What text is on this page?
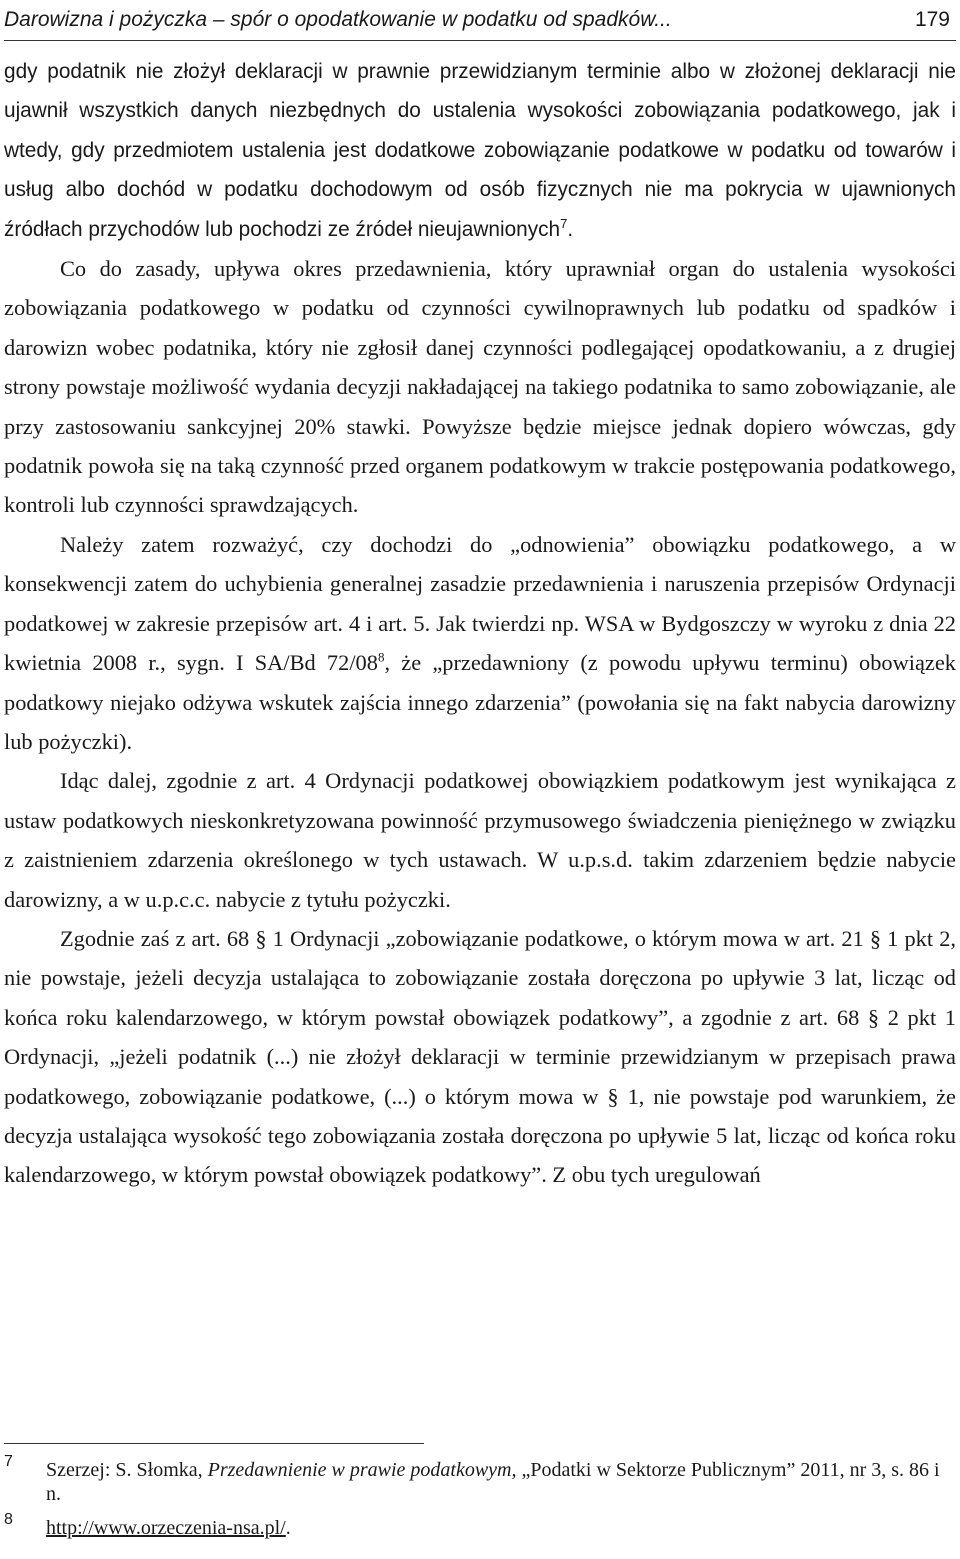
Darowizna i pożyczka – spór o opodatkowanie w podatku od spadków...	179

gdy podatnik nie złożył deklaracji w prawnie przewidzianym terminie albo w złożonej deklaracji nie ujawnił wszystkich danych niezbędnych do ustalenia wysokości zobowiązania podatkowego, jak i wtedy, gdy przedmiotem ustalenia jest dodatkowe zobowiązanie podatkowe w podatku od towarów i usług albo dochód w podatku dochodowym od osób fizycznych nie ma pokrycia w ujawnionych źródłach przychodów lub pochodzi ze źródeł nieujawnionych$^7$.

Co do zasady, upływa okres przedawnienia, który uprawniał organ do ustalenia wysokości zobowiązania podatkowego w podatku od czynności cywilnoprawnych lub podatku od spadków i darowizn wobec podatnika, który nie zgłosił danej czynności podlegającej opodatkowaniu, a z drugiej strony powstaje możliwość wydania decyzji nakładającej na takiego podatnika to samo zobowiązanie, ale przy zastosowaniu sankcyjnej 20% stawki. Powyższe będzie miejsce jednak dopiero wówczas, gdy podatnik powoła się na taką czynność przed organem podatkowym w trakcie postępowania podatkowego, kontroli lub czynności sprawdzających.

Należy zatem rozważyć, czy dochodzi do „odnowienia” obowiązku podatkowego, a w konsekwencji zatem do uchybienia generalnej zasadzie przedawnienia i naruszenia przepisów Ordynacji podatkowej w zakresie przepisów art. 4 i art. 5. Jak twierdzi np. WSA w Bydgoszczy w wyroku z dnia 22 kwietnia 2008 r., sygn. I SA/Bd $72/08^8$, że „przedawniony (z powodu upływu terminu) obowiązek podatkowy niejako odżywa wskutek zajścia innego zdarzenia” (powołania się na fakt nabycia darowizny lub pożyczki).

Idąc dalej, zgodnie z art. 4 Ordynacji podatkowej obowiązkiem podatkowym jest wynikająca z ustaw podatkowych nieskonkretyzowana powinność przymusowego świadczenia pieniężnego w związku z zaistnieniem zdarzenia określonego w tych ustawach. W u.p.s.d. takim zdarzeniem będzie nabycie darowizny, a w u.p.c.c. nabycie z tytułu pożyczki.

Zgodnie zaś z art. 68 § 1 Ordynacji „zobowiązanie podatkowe, o którym mowa w art. 21 § 1 pkt 2, nie powstaje, jeżeli decyzja ustalająca to zobowiązanie została doręczona po upływie 3 lat, licząc od końca roku kalendarzowego, w którym powstał obowiązek podatkowy”, a zgodnie z art. 68 § 2 pkt 1 Ordynacji, „jeżeli podatnik (...) nie złożył deklaracji w terminie przewidzianym w przepisach prawa podatkowego, zobowiązanie podatkowe, (...) o którym mowa w § 1, nie powstaje pod warunkiem, że decyzja ustalająca wysokość tego zobowiązania została doręczona po upływie 5 lat, licząc od końca roku kalendarzowego, w którym powstał obowiązek podatkowy”. Z obu tych uregulowań

7 Szerzej: S. Słomka, Przedawnienie w prawie podatkowym, „Podatki w Sektorze Publicznym” 2011, nr 3, s. 86 i n.
8 http://www.orzeczenia-nsa.pl/.
